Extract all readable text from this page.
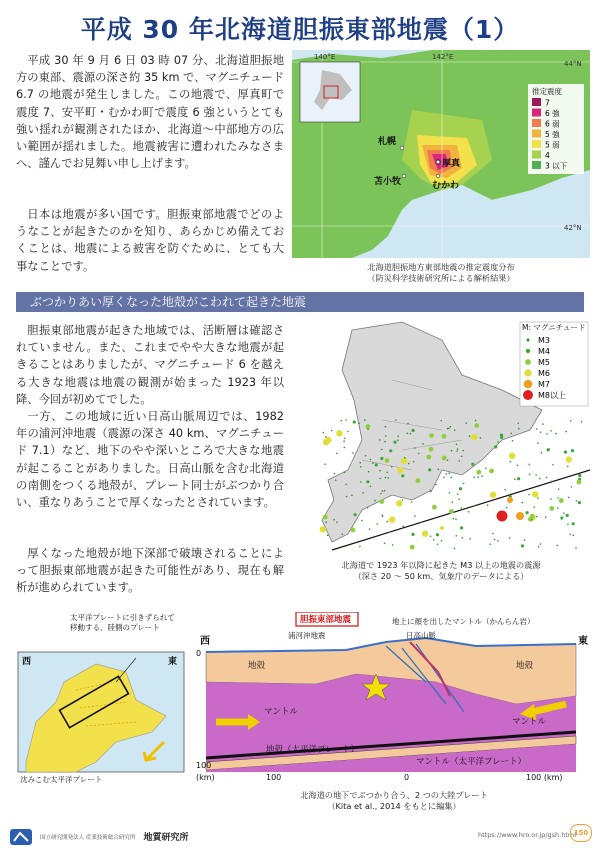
平成 30 年北海道胆振東部地震（1）

平成 30 年 9 月 6 日 03 時 07 分、北海道胆振地方の東部、震源の深さ約 35 km で、マグニチュード 6.7 の地震が発生しました。この地震で、厚真町で震度 7、安平町・むかわ町で震度 6 強というとても強い揺れが観測されたほか、北海道〜中部地方の広い範囲が揺れました。地震被害に遭われたみなさまへ、謹んでお見舞い申し上げます。

日本は地震が多い国です。胆振東部地震でどのようなことが起きたのかを知り、あらかじめ備えておくことは、地震による被害を防ぐために、とても大事なことです。

140°E	142°E
44°N
42°N
札幌
苫小牧
厚真
むかわ
推定震度
7
6 強
6 弱
5 強
5 弱
4
3 以下
北海道胆振地方東部地震の推定震度分布
（防災科学技術研究所による解析結果）
ぶつかりあい厚くなった地殻がこわれて起きた地震

胆振東部地震が起きた地域では、活断層は確認されていません。また、これまでやや大きな地震が起きることはありましたが、マグニチュード 6 を越える大きな地震は地震の観測が始まった 1923 年以降、今回が初めてでした。

一方、この地域に近い日高山脈周辺では、1982 年の浦河沖地震（震源の深さ 40 km、マグニチュード 7.1）など、地下のやや深いところで大きな地震が起こることがありました。日高山脈を含む北海道の南側をつくる地殻が、プレート同士がぶつかり合い、重なりあうことで厚くなったとされています。

厚くなった地殻が地下深部で破壊されることによって胆振東部地震が起きた可能性があり、現在も解析が進められています。

M: マグニチュード
M3
M4
M5
M6
M7
M8以上
北海道で 1923 年以降に起きた M3 以上の地震の震源
（深さ 20 〜 50 km、気象庁のデータによる）
太平洋プレートに引きずられて
移動する、陸側のプレート
西	東
沈みこむ太平洋プレート
胆振東部地震
西	東
浦河沖地震
地上に顔を出したマントル（かんらん岩）
日高山脈
地殻	地殻
マントル
マントル
地殻（太平洋プレート）
マントル（太平洋プレート）
0
100
(km)	100	0	100 (km)
北海道の地下でぶつかり合う、2 つの大陸プレート
（Kita et al., 2014 をもとに編集）

国立研究開発法人 産業技術総合研究所 地質研究所	https://www.hro.or.jp/gsh.html
150
